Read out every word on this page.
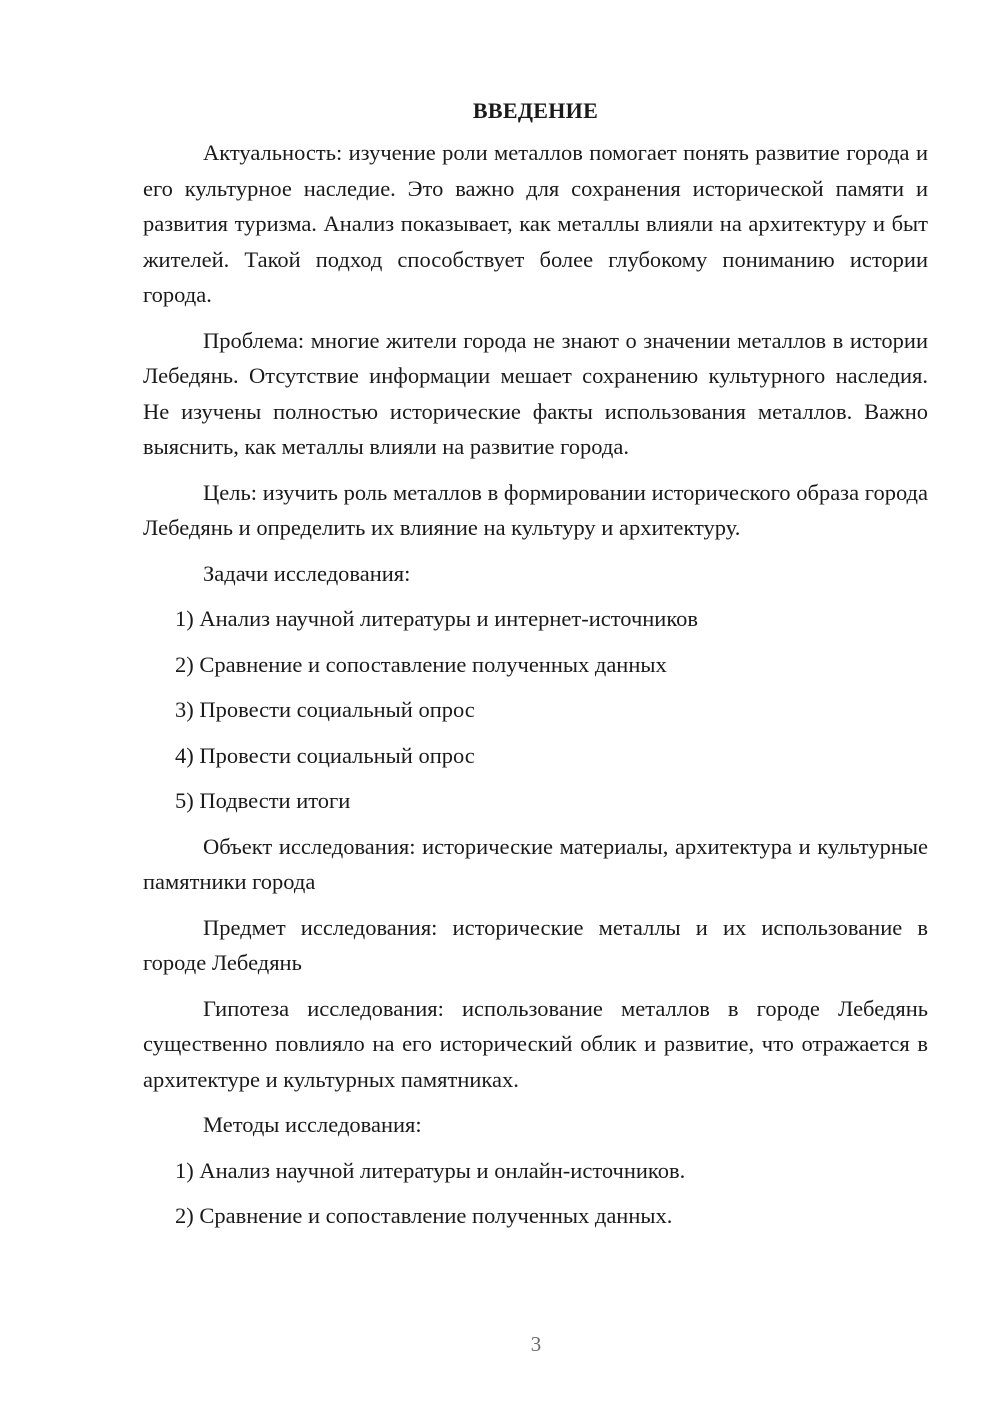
ВВЕДЕНИЕ

Актуальность: изучение роли металлов помогает понять развитие города и его культурное наследие. Это важно для сохранения исторической памяти и развития туризма. Анализ показывает, как металлы влияли на архитектуру и быт жителей. Такой подход способствует более глубокому пониманию истории города.

Проблема: многие жители города не знают о значении металлов в истории Лебедянь. Отсутствие информации мешает сохранению культурного наследия. Не изучены полностью исторические факты использования металлов. Важно выяснить, как металлы влияли на развитие города.

Цель: изучить роль металлов в формировании исторического образа города Лебедянь и определить их влияние на культуру и архитектуру.

Задачи исследования:
1) Анализ научной литературы и интернет-источников
2) Сравнение и сопоставление полученных данных
3) Провести социальный опрос
4) Провести социальный опрос
5) Подвести итоги

Объект исследования: исторические материалы, архитектура и культурные памятники города

Предмет исследования: исторические металлы и их использование в городе Лебедянь

Гипотеза исследования: использование металлов в городе Лебедянь существенно повлияло на его исторический облик и развитие, что отражается в архитектуре и культурных памятниках.

Методы исследования:
1) Анализ научной литературы и онлайн-источников.
2) Сравнение и сопоставление полученных данных.
3
